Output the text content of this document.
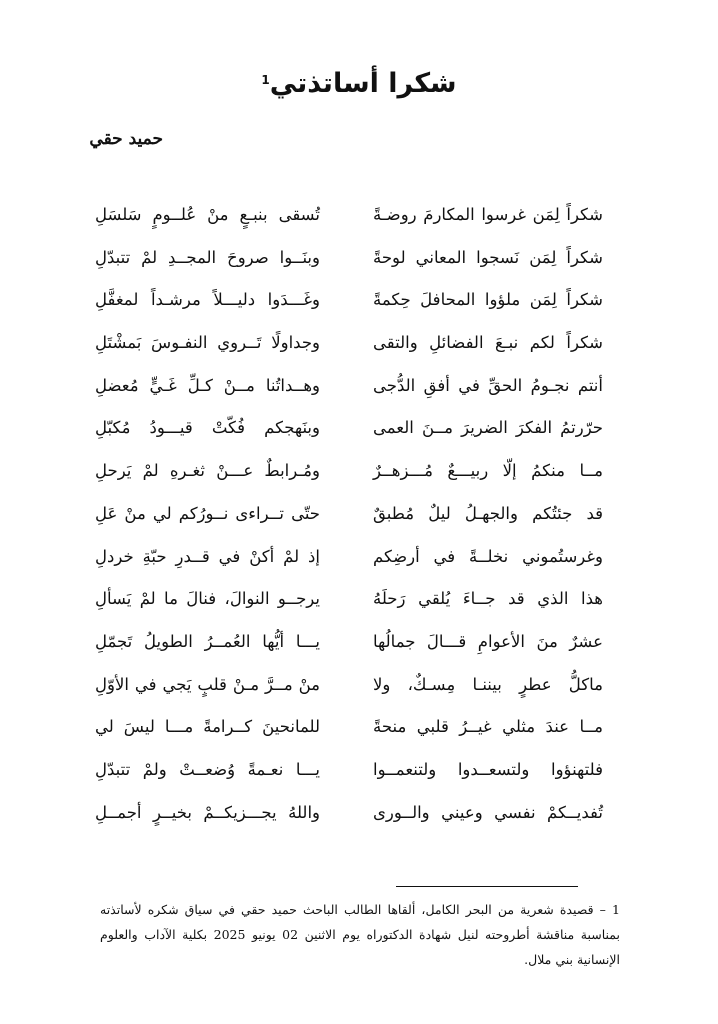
شكرا أساتذتي$^1$
حميد حقي
شكراً لِمَن غرسوا المكارمَ روضـةً
تُسقى بنبـعٍ منْ عُلــومٍ سَلسَلِ
شكراً لِمَن نَسجوا المعاني لوحةً
وبنَــوا صروحَ المجــدِ لمْ تتبدّلِ
شكراً لِمَن ملؤوا المحافلَ حِكمةً
وغَـــدَوا دليـــلاً مرشـداً لمغفَّلِ
شكراً لكم نبـعَ الفضائلِ والتقى
وجداولًا تَــروي النفـوسَ بَمشْتَلِ
أنتم نجـومُ الحقِّ في أفقِ الدُّجى
وهــداتُنا مــنْ كـلِّ غَـيٍّ مُعضلِ
حرّرتمُ الفكرَ الضريرَ مــنَ العمى
وبنَهجكم فُكّتْ قيـــودُ مُكبّلِ
مــا منكمُ إلّا ربيـــعٌ مُـــزهــرٌ
ومُـرابطٌ عـــنْ ثغـرهِ لمْ يَرحلِ
قد جئتُكم والجهـلُ ليلٌ مُطبقٌ
حتّى تــراءى نــورُكم لي منْ عَلِ
وغرستُموني نخلــةً في أرضِكم
إذ لمْ أكنْ في قــدرِ حبّةِ خردلِ
هذا الذي قد جــاءَ يُلقي رَحلَهُ
يرجــو النوالَ، فنالَ ما لمْ يَسألِ
عشرٌ منَ الأعوامِ قـــالَ جمالُها
يـــا أيُّها العُمــرُ الطويلُ تَجمّلِ
ماكلُّ عطرٍ بيننـا مِسـكٌ، ولا
منْ مــرَّ مـنْ قلبٍ يَجي في الأوّلِ
مــا عندَ مثلي غيــرُ قلبي منحةً
للمانحينَ كــرامةً مـــا ليسَ لي
فلتهنؤوا ولتسعــدوا ولتنعمــوا
يـــا نعـمةً وُضعــتْ ولمْ تتبدّلِ
تُفديــكمْ نفسي وعيني والــورى
واللهُ يجـــزيكــمْ بخيــرٍ أجمــلِ
1 – قصيدة شعرية من البحر الكامل، ألقاها الطالب الباحث حميد حقي في سياق شكره لأساتذته بمناسبة مناقشة أطروحته لنيل شهادة الدكتوراه يوم الاثنين 02 يونيو 2025 بكلية الآداب والعلوم الإنسانية بني ملال.
